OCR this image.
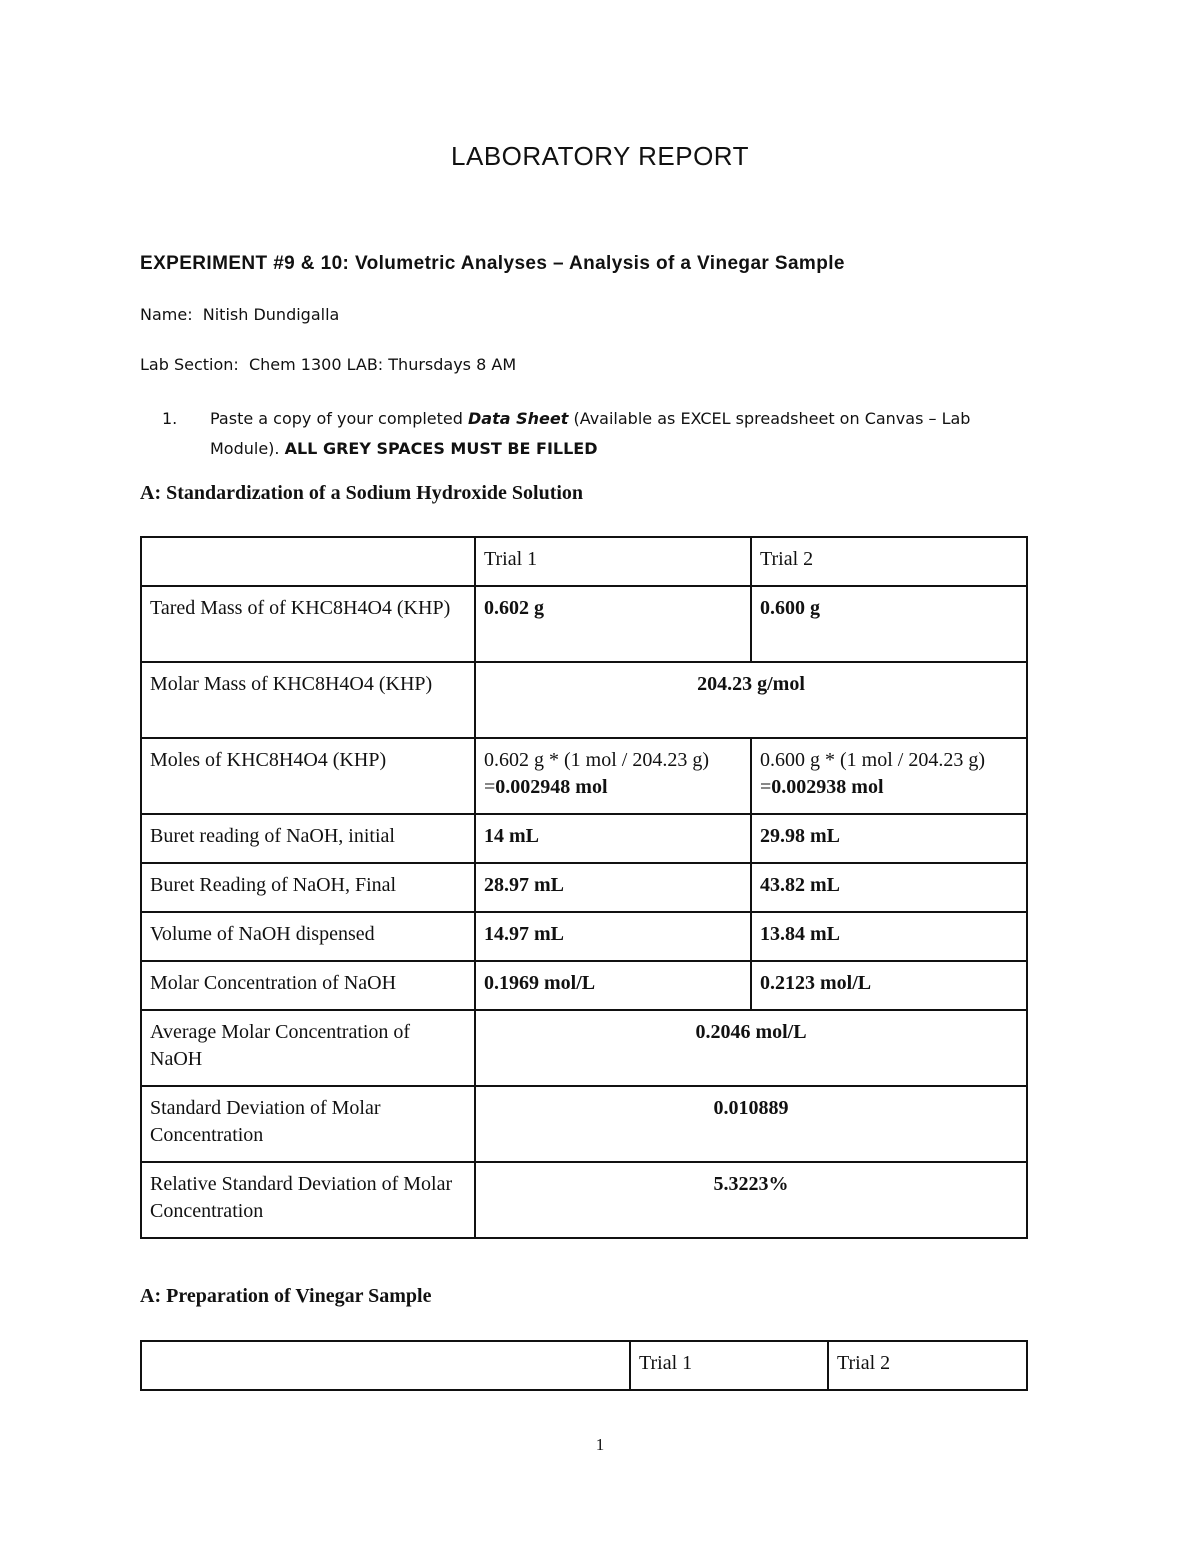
LABORATORY REPORT
EXPERIMENT #9 & 10: Volumetric Analyses – Analysis of a Vinegar Sample
Name: Nitish Dundigalla
Lab Section: Chem 1300 LAB: Thursdays 8 AM
1.	Paste a copy of your completed Data Sheet (Available as EXCEL spreadsheet on Canvas – Lab Module). ALL GREY SPACES MUST BE FILLED
A: Standardization of a Sodium Hydroxide Solution
	Trial 1	Trial 2
Tared Mass of of KHC8H4O4 (KHP)	0.602 g	0.600 g
Molar Mass of KHC8H4O4 (KHP)	204.23 g/mol	
Moles of KHC8H4O4 (KHP)	0.602 g * (1 mol / 204.23 g) =0.002948 mol	0.600 g * (1 mol / 204.23 g) =0.002938 mol
Buret reading of NaOH, initial	14 mL	29.98 mL
Buret Reading of NaOH, Final	28.97 mL	43.82 mL
Volume of NaOH dispensed	14.97 mL	13.84 mL
Molar Concentration of NaOH	0.1969 mol/L	0.2123 mol/L
Average Molar Concentration of NaOH	0.2046 mol/L	
Standard Deviation of Molar Concentration	0.010889	
Relative Standard Deviation of Molar Concentration	5.3223%	
A: Preparation of Vinegar Sample
	Trial 1	Trial 2
1
